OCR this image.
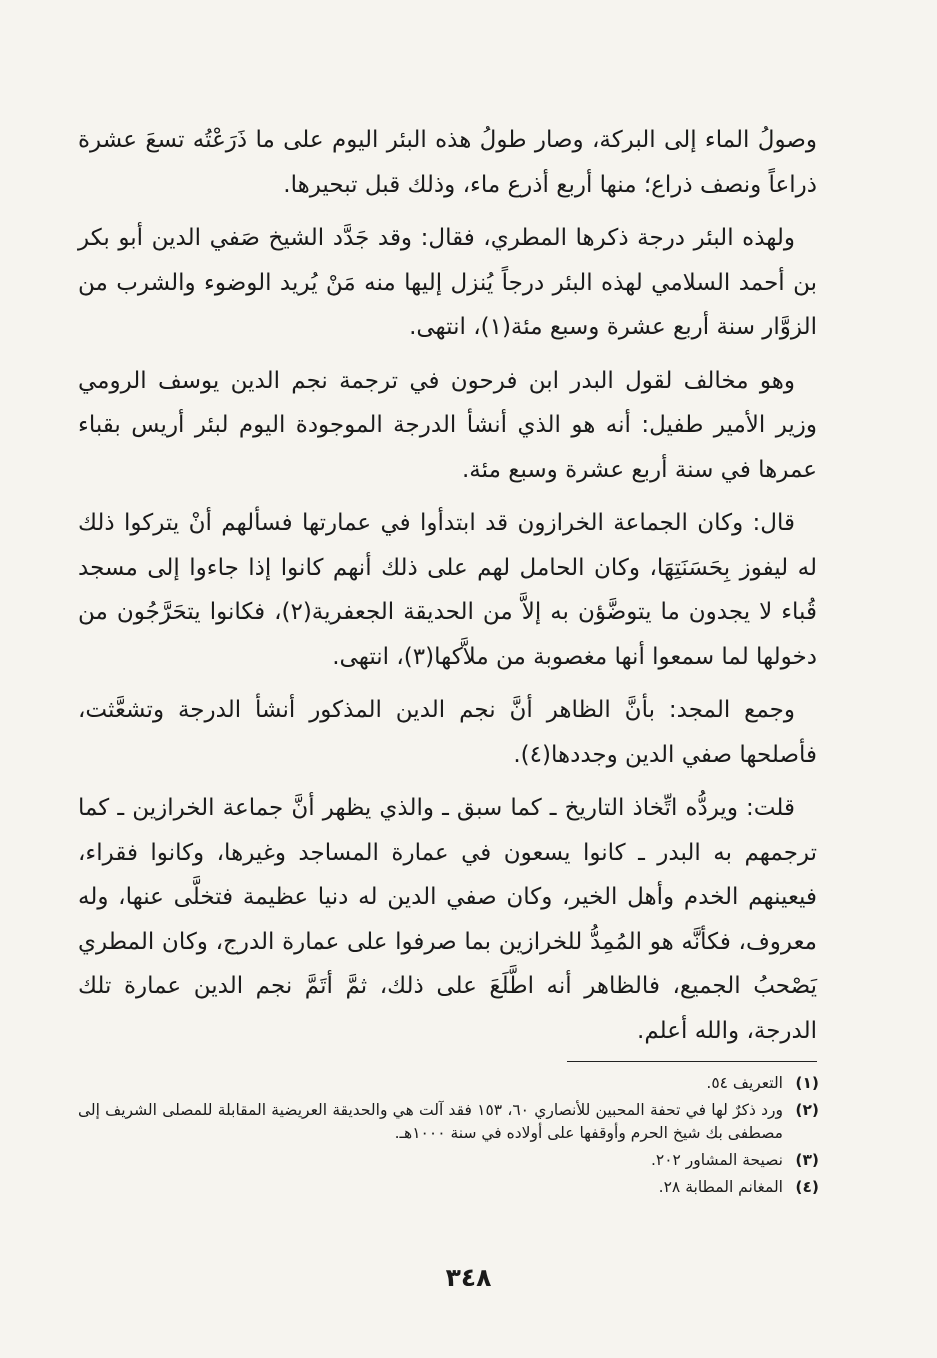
وصولُ الماء إلى البركة، وصار طولُ هذه البئر اليوم على ما ذَرَعْتُه تسعَ عشرة ذراعاً ونصف ذراع؛ منها أربع أذرع ماء، وذلك قبل تبحيرها.

ولهذه البئر درجة ذكرها المطري، فقال: وقد جَدَّد الشيخ صَفي الدين أبو بكر بن أحمد السلامي لهذه البئر درجاً يُنزل إليها منه مَنْ يُريد الوضوء والشرب من الزوَّار سنة أربع عشرة وسبع مئة(١)، انتهى.

وهو مخالف لقول البدر ابن فرحون في ترجمة نجم الدين يوسف الرومي وزير الأمير طفيل: أنه هو الذي أنشأ الدرجة الموجودة اليوم لبئر أريس بقباء عمرها في سنة أربع عشرة وسبع مئة.

قال: وكان الجماعة الخرازون قد ابتدأوا في عمارتها فسألهم أنْ يتركوا ذلك له ليفوز بِحَسَنَتِهَا، وكان الحامل لهم على ذلك أنهم كانوا إذا جاءوا إلى مسجد قُباء لا يجدون ما يتوضَّؤن به إلاَّ من الحديقة الجعفرية(٢)، فكانوا يتحَرَّجُون من دخولها لما سمعوا أنها مغصوبة من ملاَّكها(٣)، انتهى.

وجمع المجد: بأنَّ الظاهر أنَّ نجم الدين المذكور أنشأ الدرجة وتشعَّثت، فأصلحها صفي الدين وجددها(٤).

قلت: ويردُّه اتِّخاذ التاريخ ـ كما سبق ـ والذي يظهر أنَّ جماعة الخرازين ـ كما ترجمهم به البدر ـ كانوا يسعون في عمارة المساجد وغيرها، وكانوا فقراء، فيعينهم الخدم وأهل الخير، وكان صفي الدين له دنيا عظيمة فتخلَّى عنها، وله معروف، فكأنَّه هو المُمِدُّ للخرازين بما صرفوا على عمارة الدرج، وكان المطري يَصْحبُ الجميع، فالظاهر أنه اطَّلَعَ على ذلك، ثمَّ أتَمَّ نجم الدين عمارة تلك الدرجة، والله أعلم.

(١)
التعريف ٥٤.
(٢)
ورد ذكرٌ لها في تحفة المحبين للأنصاري ٦٠، ١٥٣ فقد آلت هي والحديقة العريضية المقابلة للمصلى الشريف إلى مصطفى بك شيخ الحرم وأوقفها على أولاده في سنة ١٠٠٠هـ.
(٣)
نصيحة المشاور ٢٠٢.
(٤)
المغانم المطابة ٢٨.
٣٤٨
